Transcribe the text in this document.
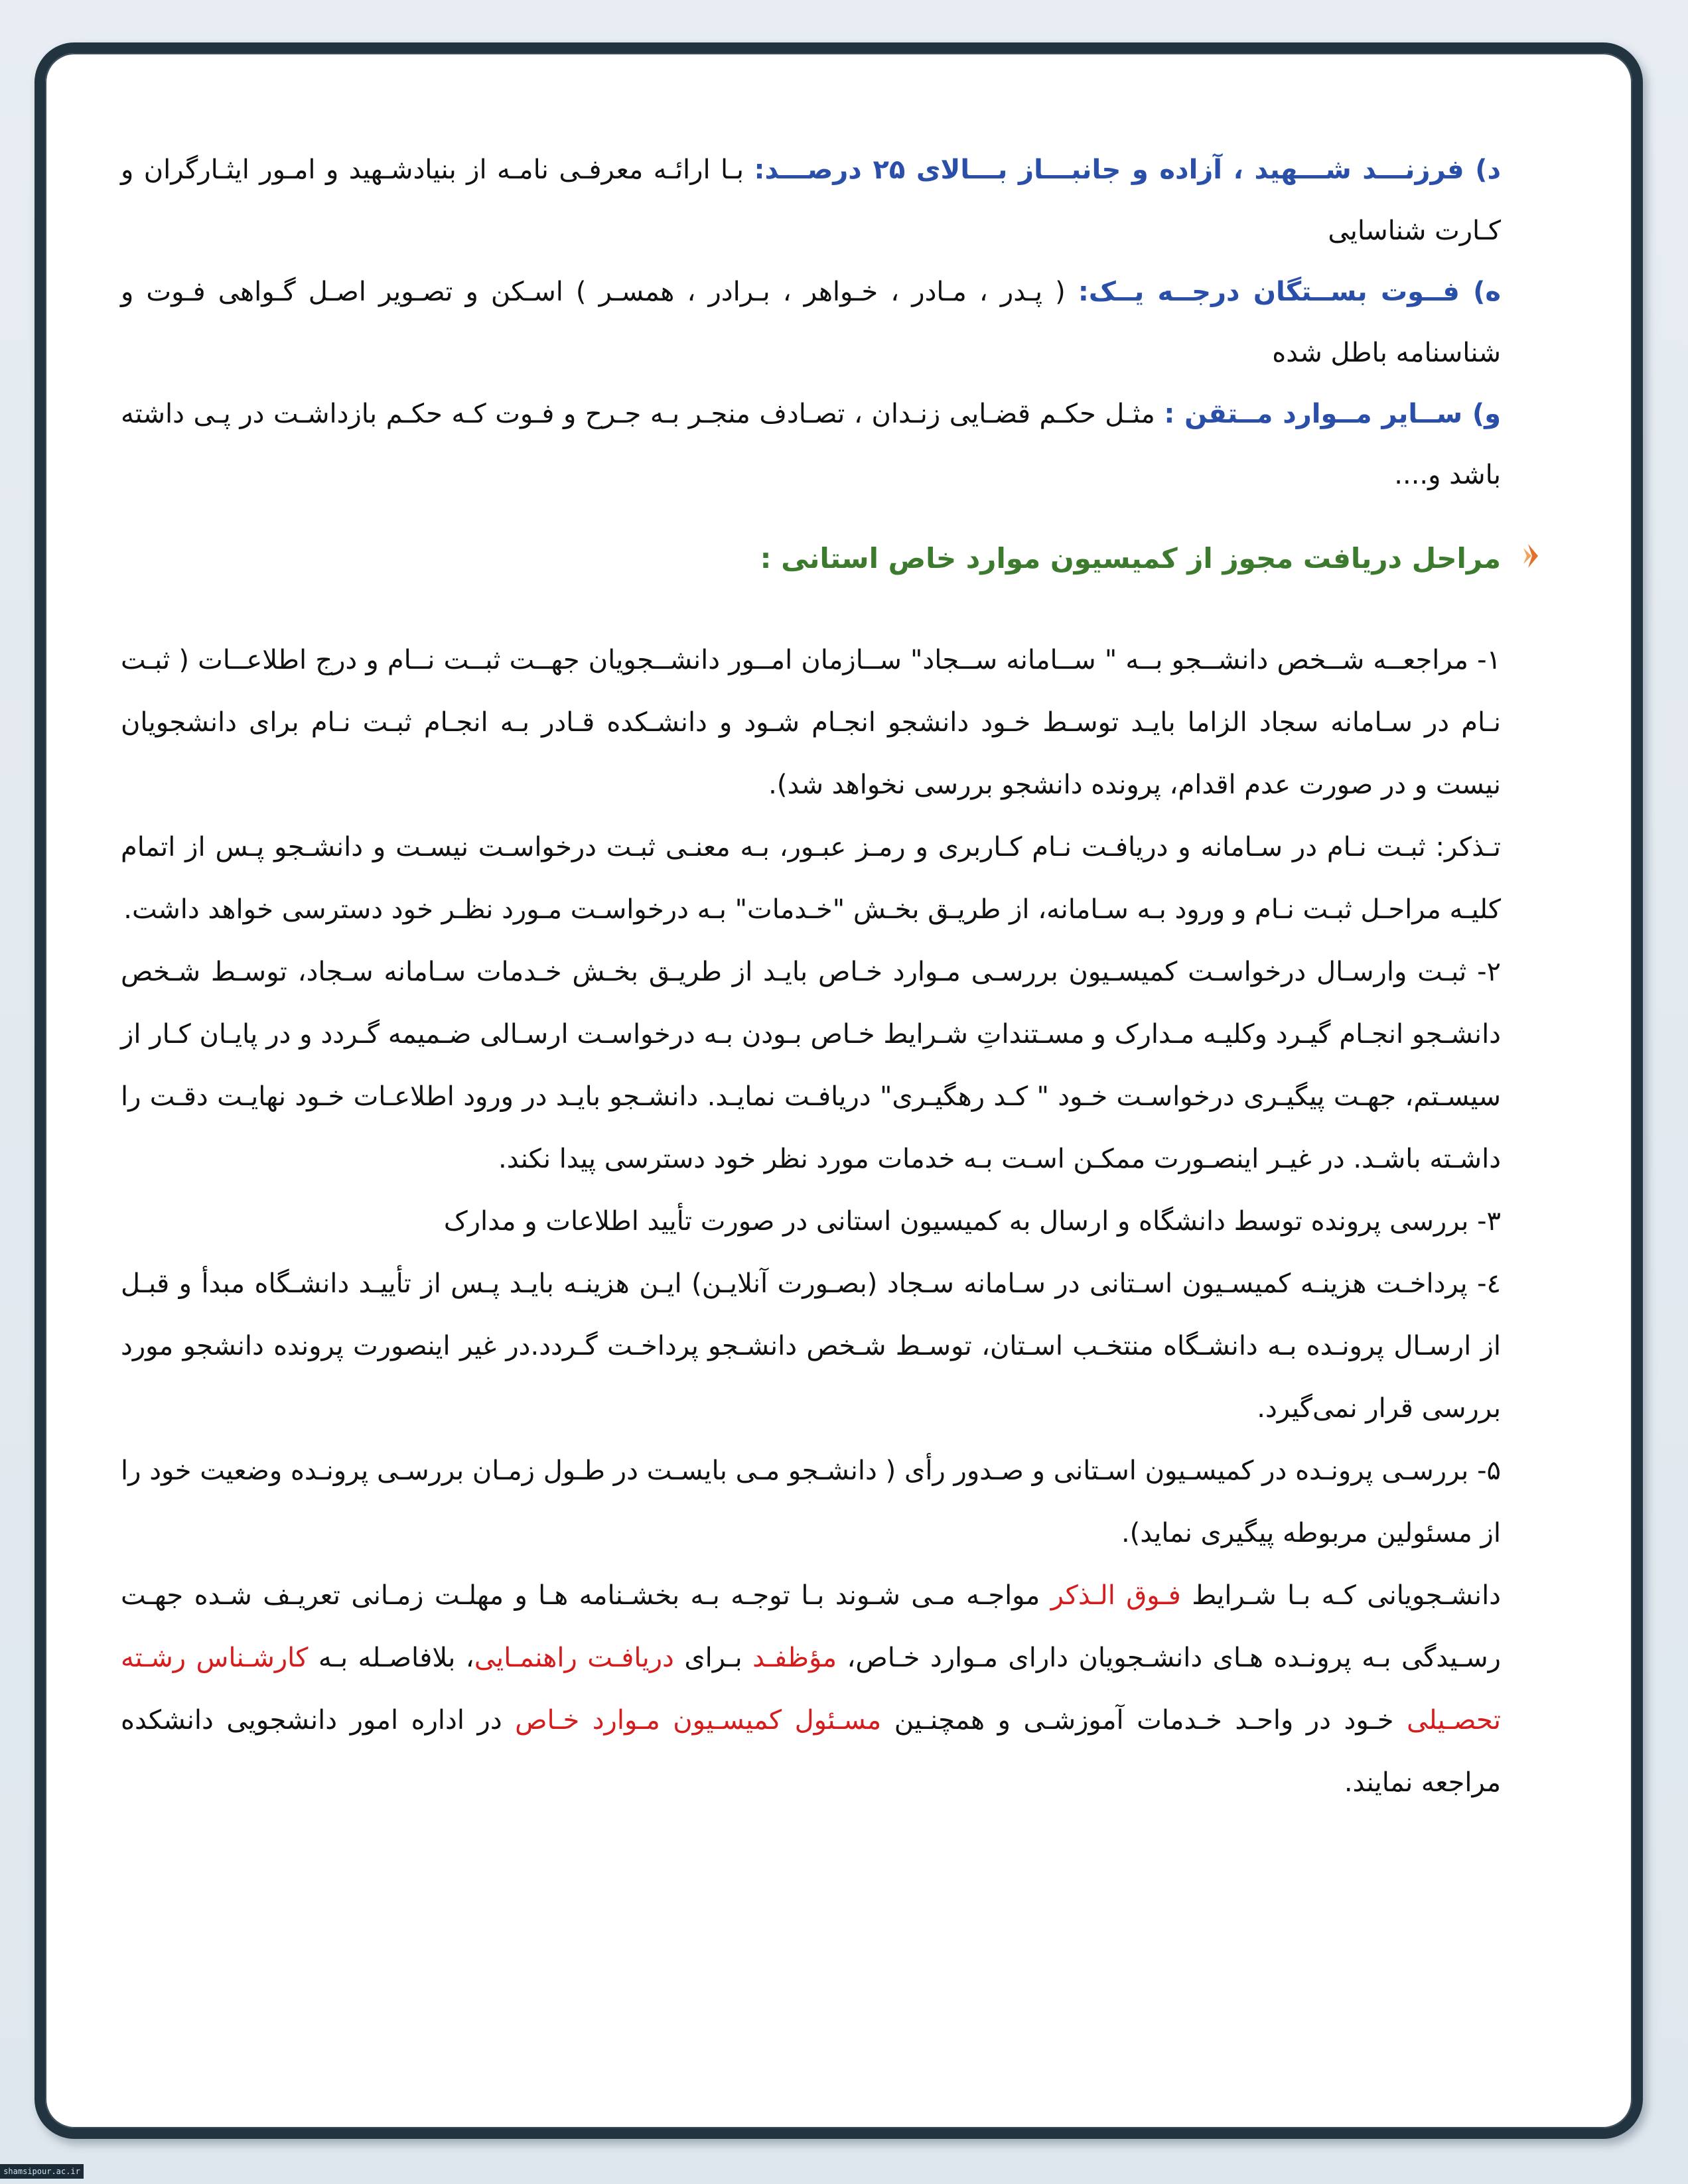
د) فرزنـــد شـــهید ، آزاده و جانبـــاز بـــالای ۲۵ درصـــد: بـا ارائـه معرفـی نامـه از بنیادشـهید و امـور ایثـارگران و کـارت شناسایی

ه) فــوت بســتگان درجــه یــک: ( پـدر ، مـادر ، خـواهر ، بـرادر ، همسـر ) اسـکن و تصـویر اصـل گـواهی فـوت و شناسنامه باطل شده

و) ســایر مــوارد مــتقن : مثـل حکـم قضـایی زنـدان ، تصـادف منجـر بـه جـرح و فـوت کـه حکـم بازداشـت در پـی داشته باشد و....

مراحل دریافت مجوز از کمیسیون موارد خاص استانی :

۱- مراجعــه شــخص دانشــجو بــه " ســامانه ســجاد" ســازمان امــور دانشــجویان جهــت ثبــت نــام و درج اطلاعــات ( ثبـت نـام در سـامانه سجاد الزاما بایـد توسـط خـود دانشجو انجـام شـود و دانشـکده قـادر بـه انجـام ثبـت نـام برای دانشجویان نیست و در صورت عدم اقدام، پرونده دانشجو بررسی نخواهد شد).

تـذکر: ثبـت نـام در سـامانه و دریافـت نـام کـاربری و رمـز عبـور، بـه معنـی ثبـت درخواسـت نیسـت و دانشـجو پـس از اتمام کلیـه مراحـل ثبـت نـام و ورود بـه سـامانه، از طریـق بخـش "خـدمات" بـه درخواسـت مـورد نظـر خود دسترسی خواهد داشت.

۲- ثبـت وارسـال درخواسـت کمیسـیون بررسـی مـوارد خـاص بایـد از طریـق بخـش خـدمات سـامانه سـجاد، توسـط شـخص دانشـجو انجـام گیـرد وکلیـه مـدارک و مسـتنداتِ شـرایط خـاص بـودن بـه درخواسـت ارسـالی ضـمیمه گـردد و در پایـان کـار از سیسـتم، جهـت پیگیـری درخواسـت خـود " کـد رهگیـری" دریافـت نمایـد. دانشـجو بایـد در ورود اطلاعـات خـود نهایـت دقـت را داشـته باشـد. در غیـر اینصـورت ممکـن اسـت بـه خدمات مورد نظر خود دسترسی پیدا نکند.

۳- بررسی پرونده توسط دانشگاه و ارسال به کمیسیون استانی در صورت تأیید اطلاعات و مدارک

٤- پرداخـت هزینـه کمیسـیون اسـتانی در سـامانه سـجاد (بصـورت آنلایـن) ایـن هزینـه بایـد پـس از تأییـد دانشـگاه مبدأ و قبـل از ارسـال پرونـده بـه دانشـگاه منتخـب اسـتان، توسـط شـخص دانشـجو پرداخـت گـردد.در غیر اینصورت پرونده دانشجو مورد بررسی قرار نمی‌گیرد.

۵- بررسـی پرونـده در کمیسـیون اسـتانی و صـدور رأی ( دانشـجو مـی بایسـت در طـول زمـان بررسـی پرونـده وضعیت خود را از مسئولین مربوطه پیگیری نماید).

دانشـجویانی کـه بـا شـرایط فـوق الـذکر مواجـه مـی شـوند بـا توجـه بـه بخشـنامه هـا و مهلـت زمـانی تعریـف شـده جهـت رسـیدگی بـه پرونـده هـای دانشـجویان دارای مـوارد خـاص، مؤظفـد بـرای دریافـت راهنمـایی، بلافاصـله بـه کارشـناس رشـته تحصـیلی خـود در واحـد خـدمات آموزشـی و همچنـین مسـئول کمیسـیون مـوارد خـاص در اداره امور دانشجویی دانشکده مراجعه نمایند.

shamsipour.ac.ir
